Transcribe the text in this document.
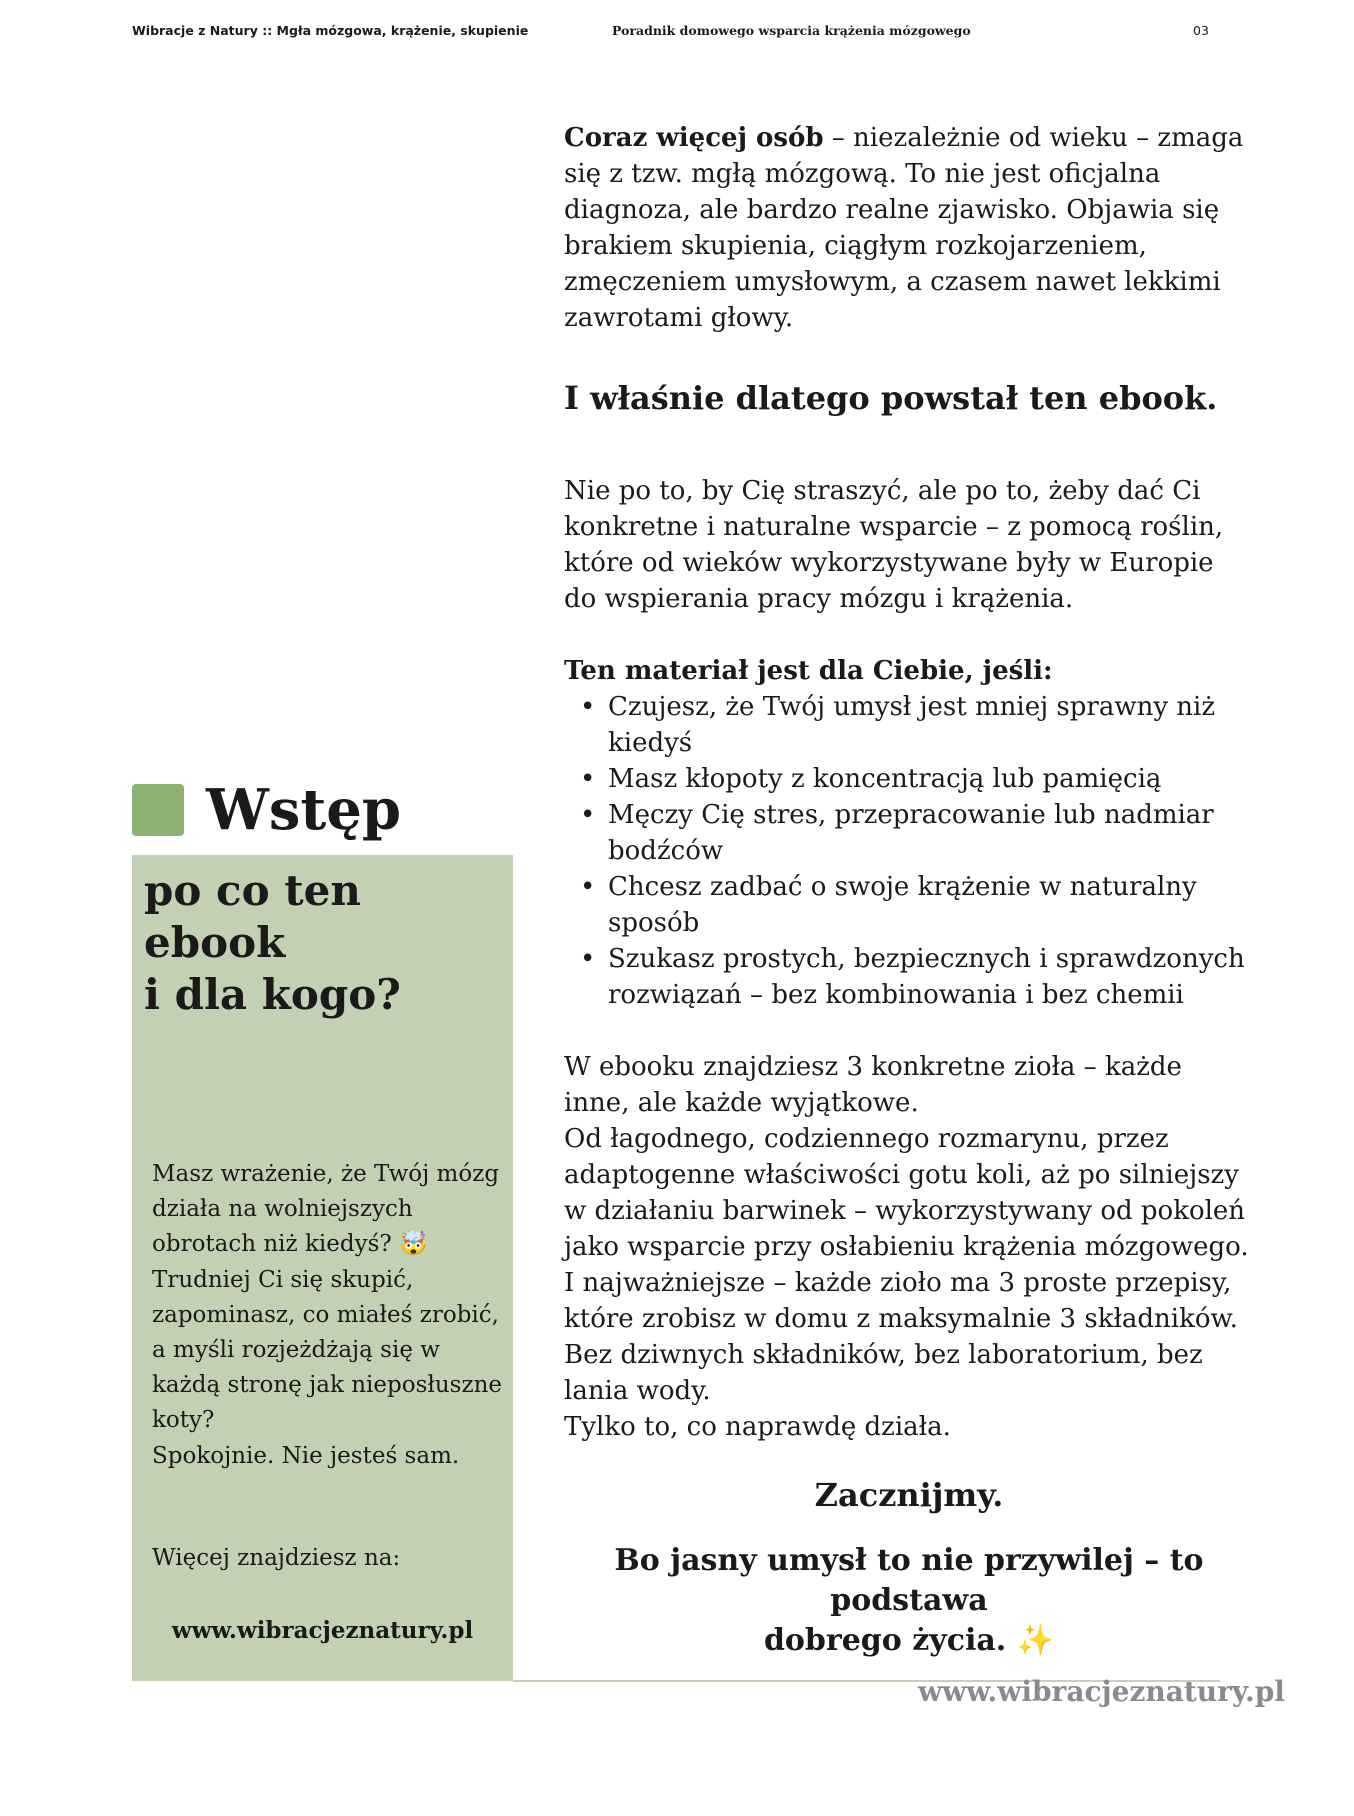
Wibracje z Natury :: Mgła mózgowa, krążenie, skupienie	Poradnik domowego wsparcia krążenia mózgowego	03
Wstęp
po co ten ebook
i dla kogo?

Masz wrażenie, że Twój mózg działa na wolniejszych obrotach niż kiedyś? 🤯

Trudniej Ci się skupić, zapominasz, co miałeś zrobić, a myśli rozjeżdżają się w każdą stronę jak nieposłuszne koty?

Spokojnie. Nie jesteś sam.

Więcej znajdziesz na:
www.wibracjeznatury.pl

Coraz więcej osób – niezależnie od wieku – zmaga się z tzw. mgłą mózgową. To nie jest oficjalna diagnoza, ale bardzo realne zjawisko. Objawia się brakiem skupienia, ciągłym rozkojarzeniem, zmęczeniem umysłowym, a czasem nawet lekkimi zawrotami głowy.

I właśnie dlatego powstał ten ebook.

Nie po to, by Cię straszyć, ale po to, żeby dać Ci konkretne i naturalne wsparcie – z pomocą roślin, które od wieków wykorzystywane były w Europie do wspierania pracy mózgu i krążenia.

Ten materiał jest dla Ciebie, jeśli:

• Czujesz, że Twój umysł jest mniej sprawny niż kiedyś
• Masz kłopoty z koncentracją lub pamięcią
• Męczy Cię stres, przepracowanie lub nadmiar bodźców
• Chcesz zadbać o swoje krążenie w naturalny sposób
• Szukasz prostych, bezpiecznych i sprawdzonych rozwiązań – bez kombinowania i bez chemii

W ebooku znajdziesz 3 konkretne zioła – każde inne, ale każde wyjątkowe.

Od łagodnego, codziennego rozmarynu, przez adaptogenne właściwości gotu koli, aż po silniejszy w działaniu barwinek – wykorzystywany od pokoleń jako wsparcie przy osłabieniu krążenia mózgowego.

I najważniejsze – każde zioło ma 3 proste przepisy, które zrobisz w domu z maksymalnie 3 składników.

Bez dziwnych składników, bez laboratorium, bez lania wody.

Tylko to, co naprawdę działa.

Zacznijmy.

Bo jasny umysł to nie przywilej – to podstawa
dobrego życia. ✨
www.wibracjeznatury.pl
